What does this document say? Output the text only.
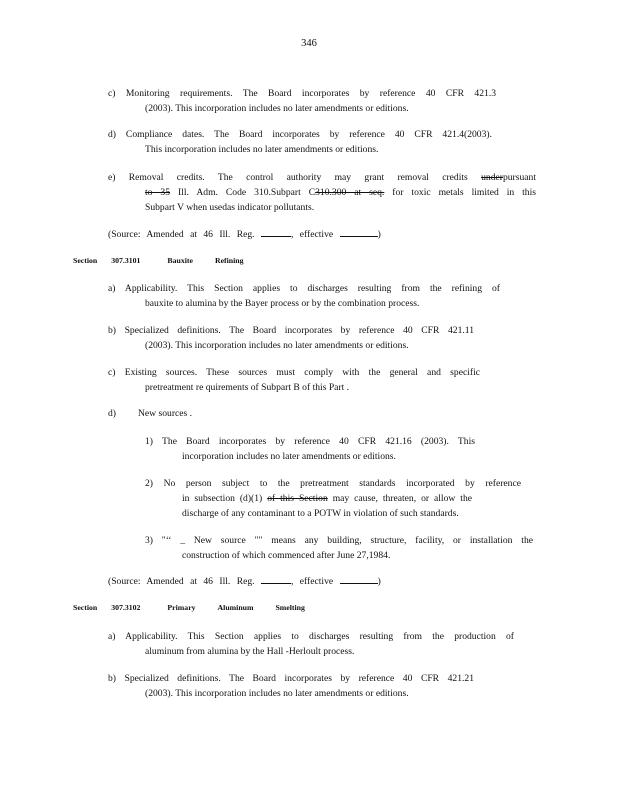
346
c) Monitoring requirements. The Board incorporates by reference 40 CFR 421.3
(2003). This incorporation includes no later amendments or editions.
d) Compliance dates. The Board incorporates by reference 40 CFR 421.4(2003).
This incorporation includes no later amendments or editions.
e) Removal credits. The control authority may grant removal credits underpursuant
to 35 Ill. Adm. Code 310.Subpart C310.300 at seq. for toxic metals limited in this
Subpart V when usedas indicator pollutants.
(Source: Amended at 46 Ill. Reg.	, effective	)
Section 307.3101	Bauxite	Refining
a) Applicability. This Section applies to discharges resulting from the refining of
bauxite to alumina by the Bayer process or by the combination process.
b) Specialized definitions. The Board incorporates by reference 40 CFR 421.11
(2003). This incorporation includes no later amendments or editions.
c) Existing sources. These sources must comply with the general and specific
pretreatment re quirements of Subpart B of this Part .
d) New sources .
1) The Board incorporates by reference 40 CFR 421.16 (2003). This
incorporation includes no later amendments or editions.
2) No person subject to the pretreatment standards incorporated by reference
in subsection (d)(1) of this Section may cause, threaten, or allow the
discharge of any contaminant to a POTW in violation of such standards.
3) "‘‘ _ New source "" means any building, structure, facility, or installation the
construction of which commenced after June 27,1984.
(Source: Amended at 46 Ill. Reg.	, effective	)
Section 307.3102	Primary	Aluminum	Smelting
a) Applicability. This Section applies to discharges resulting from the production of
aluminum from alumina by the Hall -Herloult process.
b) Specialized definitions. The Board incorporates by reference 40 CFR 421.21
(2003). This incorporation includes no later amendments or editions.
